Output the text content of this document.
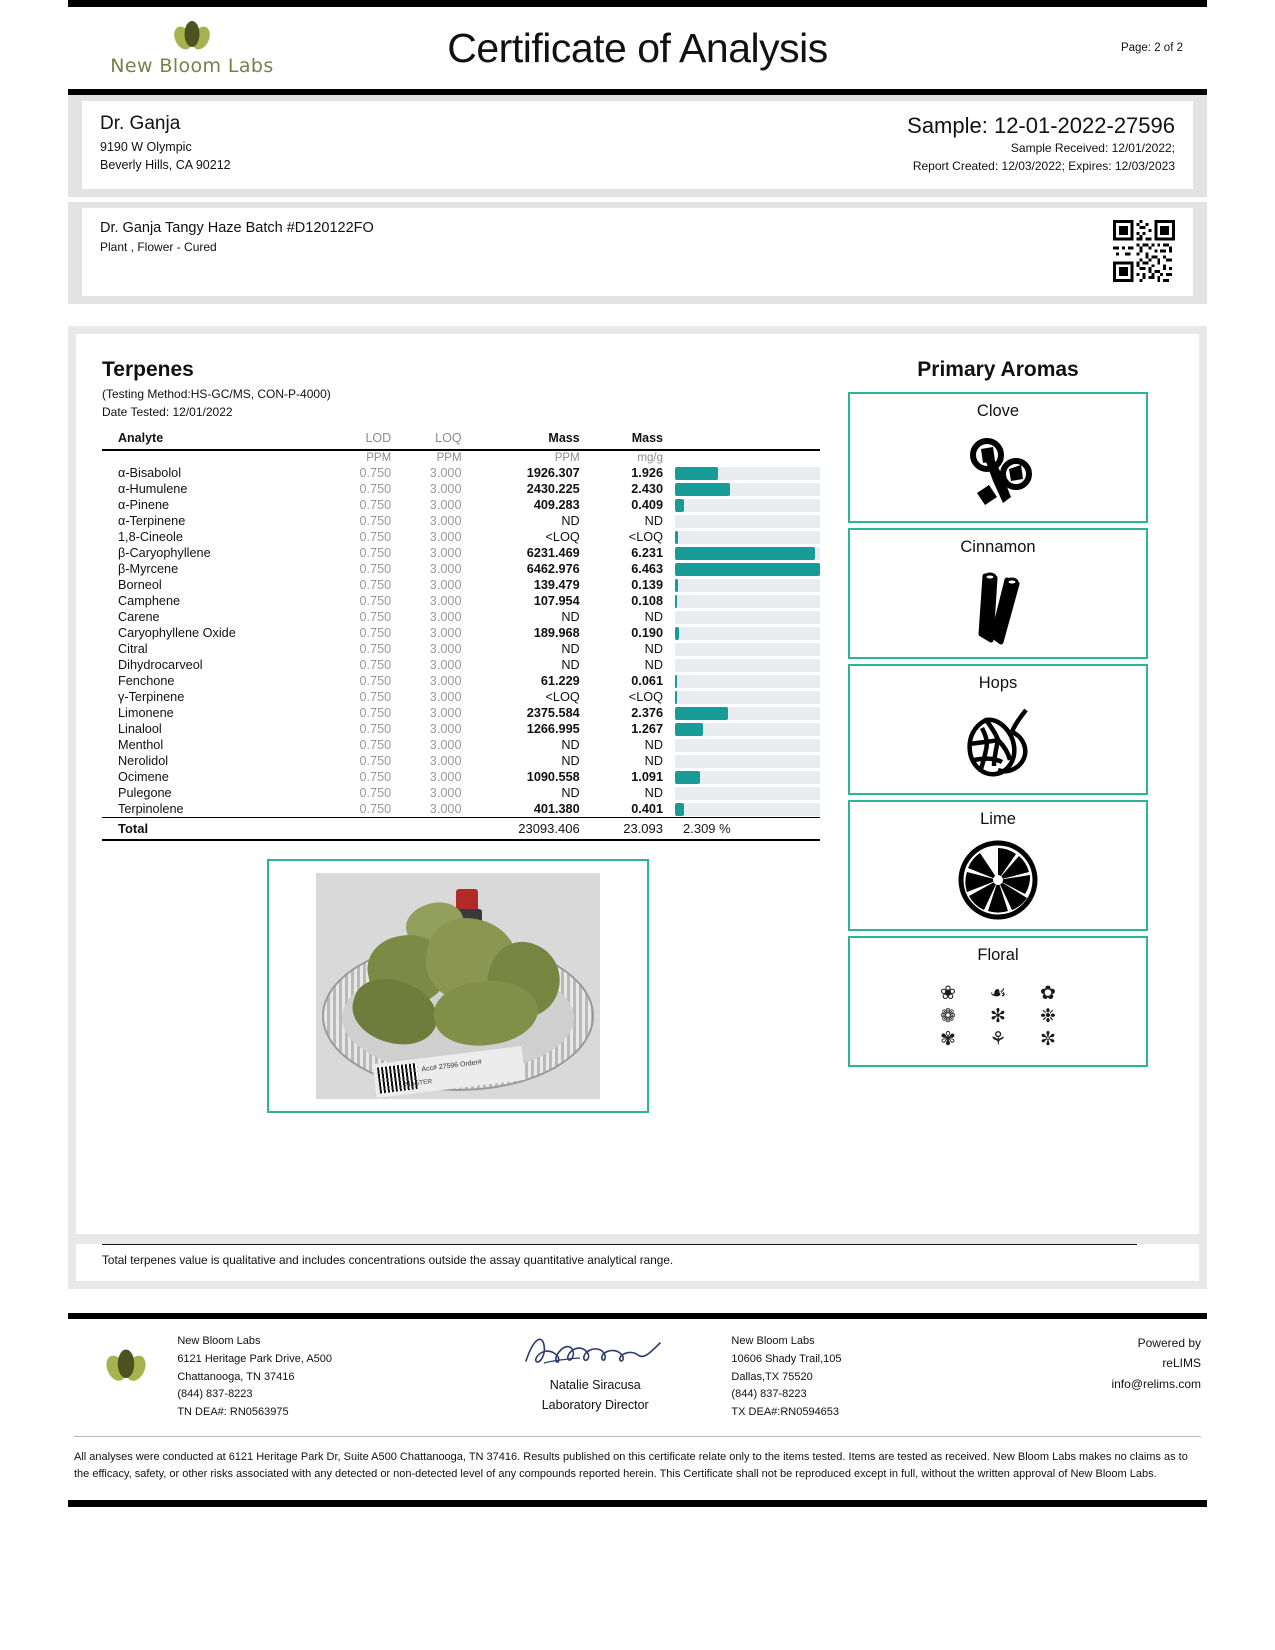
New Bloom Labs	Certificate of Analysis	Page: 2 of 2
Dr. Ganja
9190 W Olympic
Beverly Hills, CA 90212
Sample: 12-01-2022-27596
Sample Received: 12/01/2022;
Report Created: 12/03/2022; Expires: 12/03/2023
Dr. Ganja Tangy Haze Batch #D120122FO
Plant , Flower - Cured
Terpenes
(Testing Method:HS-GC/MS, CON-P-4000)
Date Tested: 12/01/2022
Analyte	LOD	LOQ	Mass	Mass	
	PPM	PPM	PPM	mg/g	
α-Bisabolol	0.750	3.000	1926.307	1.926	

α-Humulene	0.750	3.000	2430.225	2.430	

α-Pinene	0.750	3.000	409.283	0.409	

α-Terpinene	0.750	3.000	ND	ND	

1,8-Cineole	0.750	3.000	<LOQ	<LOQ	

β-Caryophyllene	0.750	3.000	6231.469	6.231	

β-Myrcene	0.750	3.000	6462.976	6.463	

Borneol	0.750	3.000	139.479	0.139	

Camphene	0.750	3.000	107.954	0.108	

Carene	0.750	3.000	ND	ND	

Caryophyllene Oxide	0.750	3.000	189.968	0.190	

Citral	0.750	3.000	ND	ND	

Dihydrocarveol	0.750	3.000	ND	ND	

Fenchone	0.750	3.000	61.229	0.061	

γ-Terpinene	0.750	3.000	<LOQ	<LOQ	

Limonene	0.750	3.000	2375.584	2.376	

Linalool	0.750	3.000	1266.995	1.267	

Menthol	0.750	3.000	ND	ND	

Nerolidol	0.750	3.000	ND	ND	

Ocimene	0.750	3.000	1090.558	1.091	

Pulegone	0.750	3.000	ND	ND	

Terpinolene	0.750	3.000	401.380	0.401	

Total			23093.406	23.093	2.309 %
Acc# 27596 Order#
MASTER
Primary Aromas
Clove
Cinnamon
Hops
Lime
Floral
❀ ☙ ✿
❁ ✻ ❉
✾ ⚘ ✼
Total terpenes value is qualitative and includes concentrations outside the assay quantitative analytical range.
New Bloom Labs
6121 Heritage Park Drive, A500
Chattanooga, TN 37416
(844) 837-8223
TN DEA#: RN0563975
Natalie Siracusa
Laboratory Director
New Bloom Labs
10606 Shady Trail,105
Dallas,TX 75520
(844) 837-8223
TX DEA#:RN0594653
Powered by
reLIMS
info@relims.com
All analyses were conducted at 6121 Heritage Park Dr, Suite A500 Chattanooga, TN 37416. Results published on this certificate relate only to the items tested. Items are tested as received. New Bloom Labs makes no claims as to the efficacy, safety, or other risks associated with any detected or non-detected level of any compounds reported herein. This Certificate shall not be reproduced except in full, without the written approval of New Bloom Labs.
